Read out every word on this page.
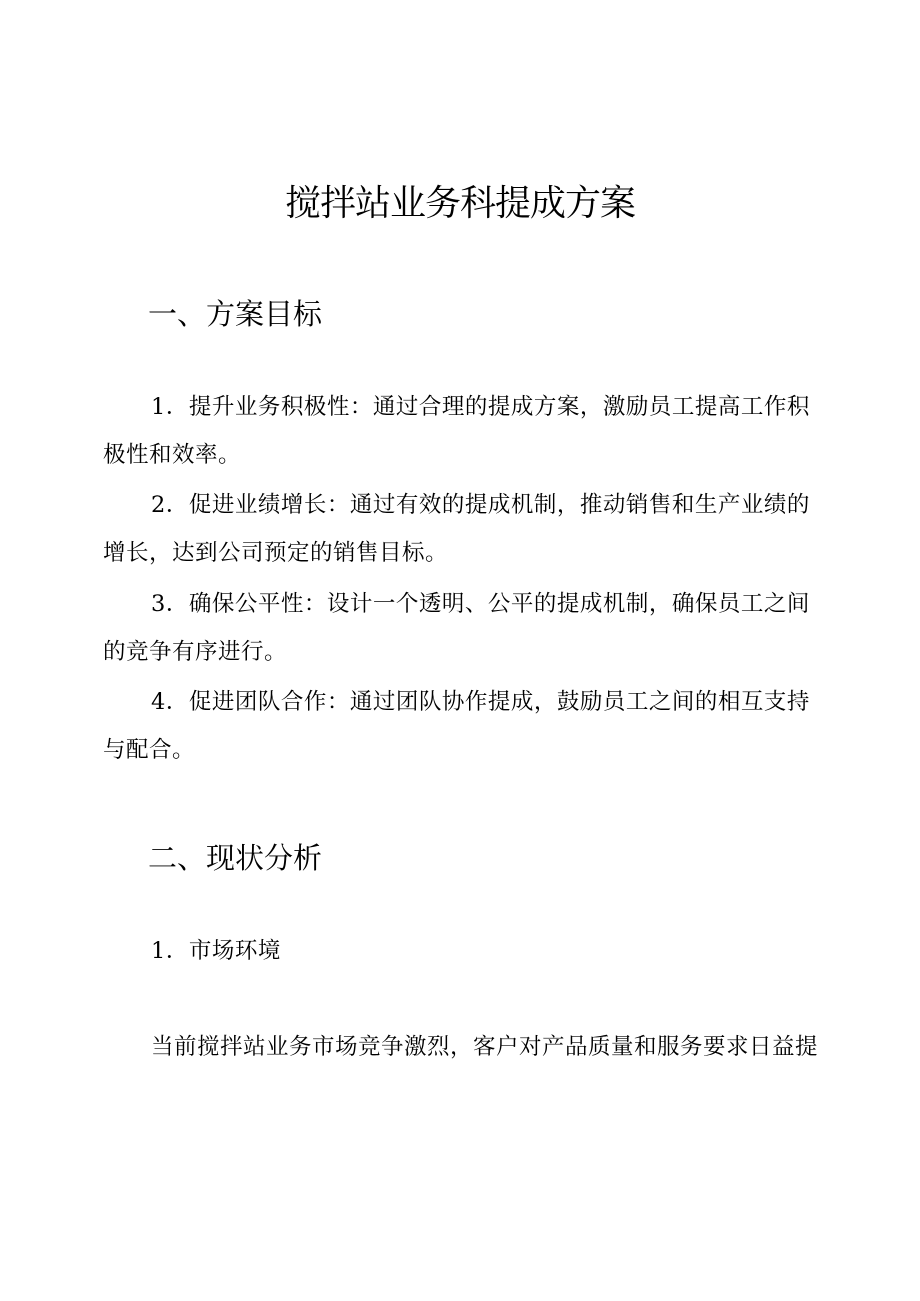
搅拌站业务科提成方案
一、方案目标

1．提升业务积极性：通过合理的提成方案，激励员工提高工作积极性和效率。

2．促进业绩增长：通过有效的提成机制，推动销售和生产业绩的增长，达到公司预定的销售目标。

3．确保公平性：设计一个透明、公平的提成机制，确保员工之间的竞争有序进行。

4．促进团队合作：通过团队协作提成，鼓励员工之间的相互支持与配合。

二、现状分析

1．市场环境

当前搅拌站业务市场竞争激烈，客户对产品质量和服务要求日益提
